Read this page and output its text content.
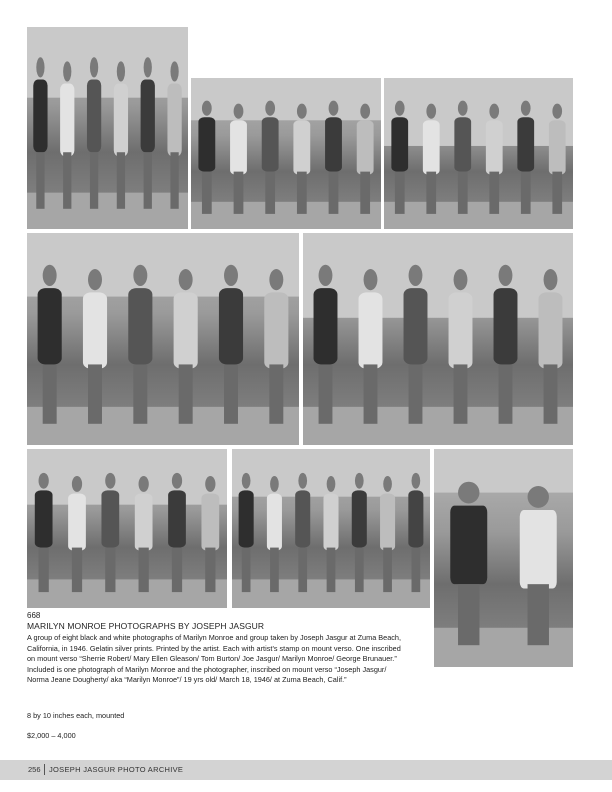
668
MARILYN MONROE PHOTOGRAPHS BY JOSEPH JASGUR

A group of eight black and white photographs of Marilyn Monroe and group taken by Joseph Jasgur at Zuma Beach, California, in 1946. Gelatin silver prints. Printed by the artist. Each with artist’s stamp on mount verso. One inscribed on mount verso “Sherrie Robert/ Mary Ellen Gleason/ Tom Burton/ Joe Jasgur/ Marilyn Monroe/ George Brunauer.” Included is one photograph of Marilyn Monroe and the photographer, inscribed on mount verso “Joseph Jasgur/ Norma Jeane Dougherty/ aka “Marilyn Monroe”/ 19 yrs old/ March 18, 1946/ at Zuma Beach, Calif.”

8 by 10 inches each, mounted
$2,000 – 4,000
256 JOSEPH JASGUR PHOTO ARCHIVE
